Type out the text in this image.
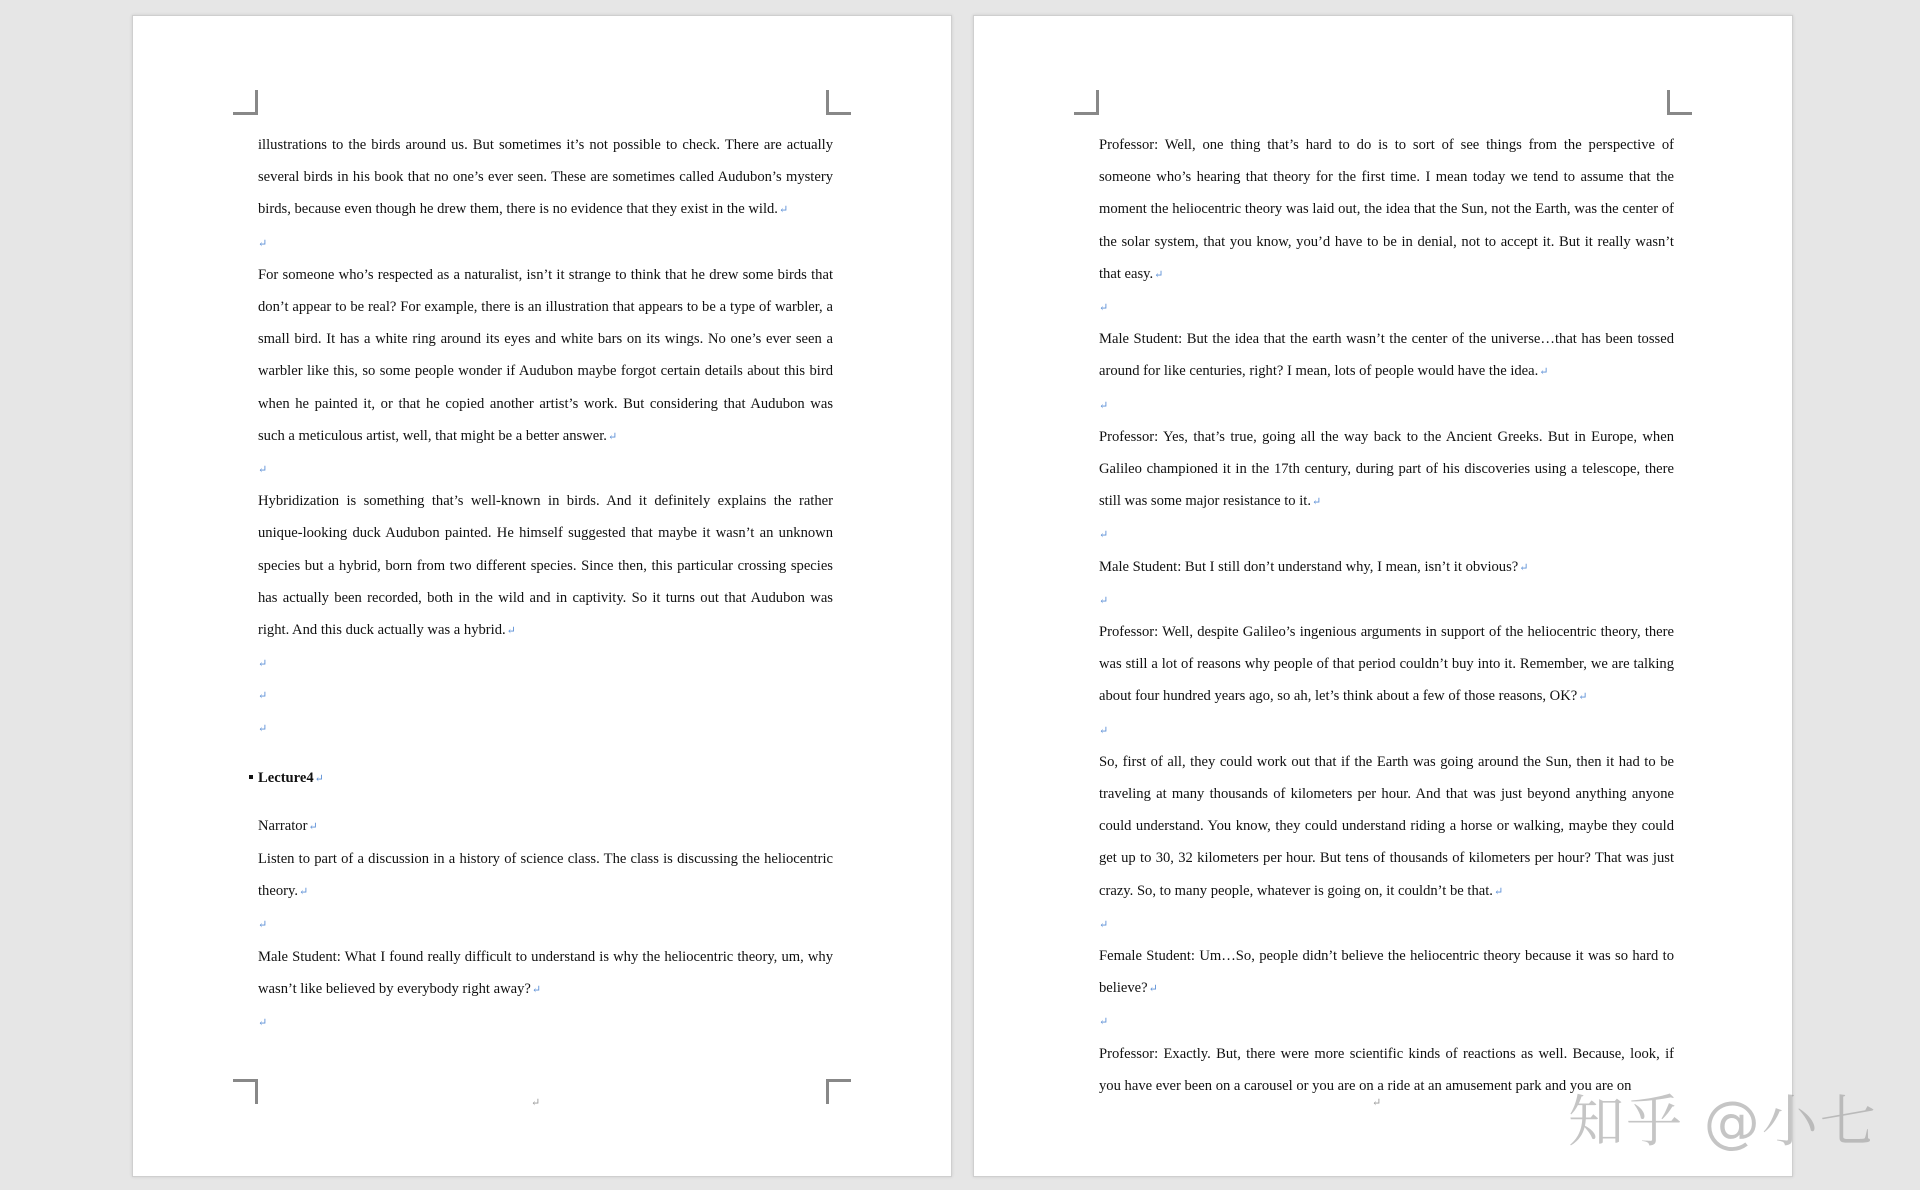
illustrations to the birds around us. But sometimes it’s not possible to check. There are actually several birds in his book that no one’s ever seen. These are sometimes called Audubon’s mystery birds, because even though he drew them, there is no evidence that they exist in the wild.↵

↵

For someone who’s respected as a naturalist, isn’t it strange to think that he drew some birds that don’t appear to be real? For example, there is an illustration that appears to be a type of warbler, a small bird. It has a white ring around its eyes and white bars on its wings. No one’s ever seen a warbler like this, so some people wonder if Audubon maybe forgot certain details about this bird when he painted it, or that he copied another artist’s work. But considering that Audubon was such a meticulous artist, well, that might be a better answer.↵

↵

Hybridization is something that’s well-known in birds. And it definitely explains the rather unique-looking duck Audubon painted. He himself suggested that maybe it wasn’t an unknown species but a hybrid, born from two different species. Since then, this particular crossing species has actually been recorded, both in the wild and in captivity. So it turns out that Audubon was right. And this duck actually was a hybrid.↵

↵
↵
↵
Lecture4↵

Narrator↵

Listen to part of a discussion in a history of science class. The class is discussing the heliocentric theory.↵

↵

Male Student: What I found really difficult to understand is why the heliocentric theory, um, why wasn’t like believed by everybody right away?↵

↵
↵

Professor: Well, one thing that’s hard to do is to sort of see things from the perspective of someone who’s hearing that theory for the first time. I mean today we tend to assume that the moment the heliocentric theory was laid out, the idea that the Sun, not the Earth, was the center of the solar system, that you know, you’d have to be in denial, not to accept it. But it really wasn’t that easy.↵

↵

Male Student: But the idea that the earth wasn’t the center of the universe…that has been tossed around for like centuries, right? I mean, lots of people would have the idea.↵

↵

Professor: Yes, that’s true, going all the way back to the Ancient Greeks. But in Europe, when Galileo championed it in the 17th century, during part of his discoveries using a telescope, there still was some major resistance to it.↵

↵

Male Student: But I still don’t understand why, I mean, isn’t it obvious?↵

↵

Professor: Well, despite Galileo’s ingenious arguments in support of the heliocentric theory, there was still a lot of reasons why people of that period couldn’t buy into it. Remember, we are talking about four hundred years ago, so ah, let’s think about a few of those reasons, OK?↵

↵

So, first of all, they could work out that if the Earth was going around the Sun, then it had to be traveling at many thousands of kilometers per hour. And that was just beyond anything anyone could understand. You know, they could understand riding a horse or walking, maybe they could get up to 30, 32 kilometers per hour. But tens of thousands of kilometers per hour? That was just crazy. So, to many people, whatever is going on, it couldn’t be that.↵

↵

Female Student: Um…So, people didn’t believe the heliocentric theory because it was so hard to believe?↵

↵

Professor: Exactly. But, there were more scientific kinds of reactions as well. Because, look, if you have ever been on a carousel or you are on a ride at an amusement park and you are on

↵	知乎 @小七
